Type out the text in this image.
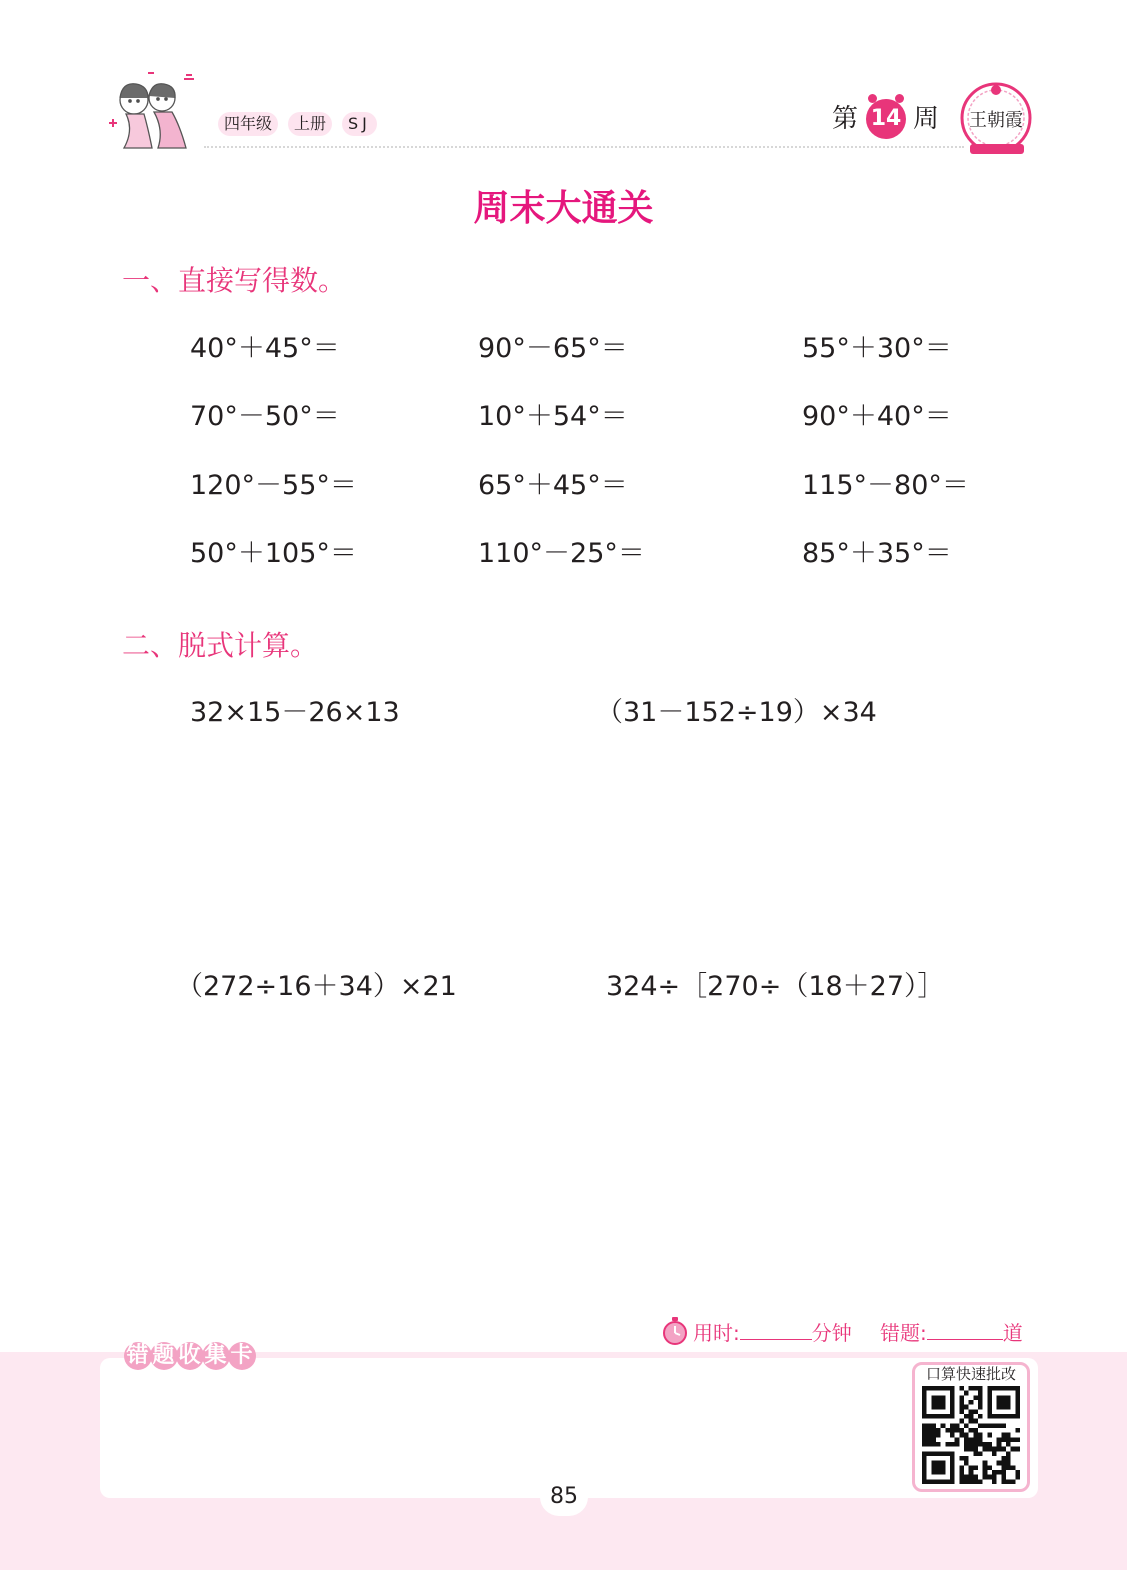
四年级	上册	SJ	第 14 周 王朝霞
周末大通关
一、直接写得数。
40°＋45°＝	90°－65°＝	55°＋30°＝
70°－50°＝	10°＋54°＝	90°＋40°＝
120°－55°＝	65°＋45°＝	115°－80°＝
50°＋105°＝	110°－25°＝	85°＋35°＝
二、脱式计算。
32×15－26×13	（31－152÷19）×34
（272÷16＋34）×21	324÷［270÷（18＋27）］
用时:	分钟 错题:	道
错 题 收 集 卡
口算快速批改
85
